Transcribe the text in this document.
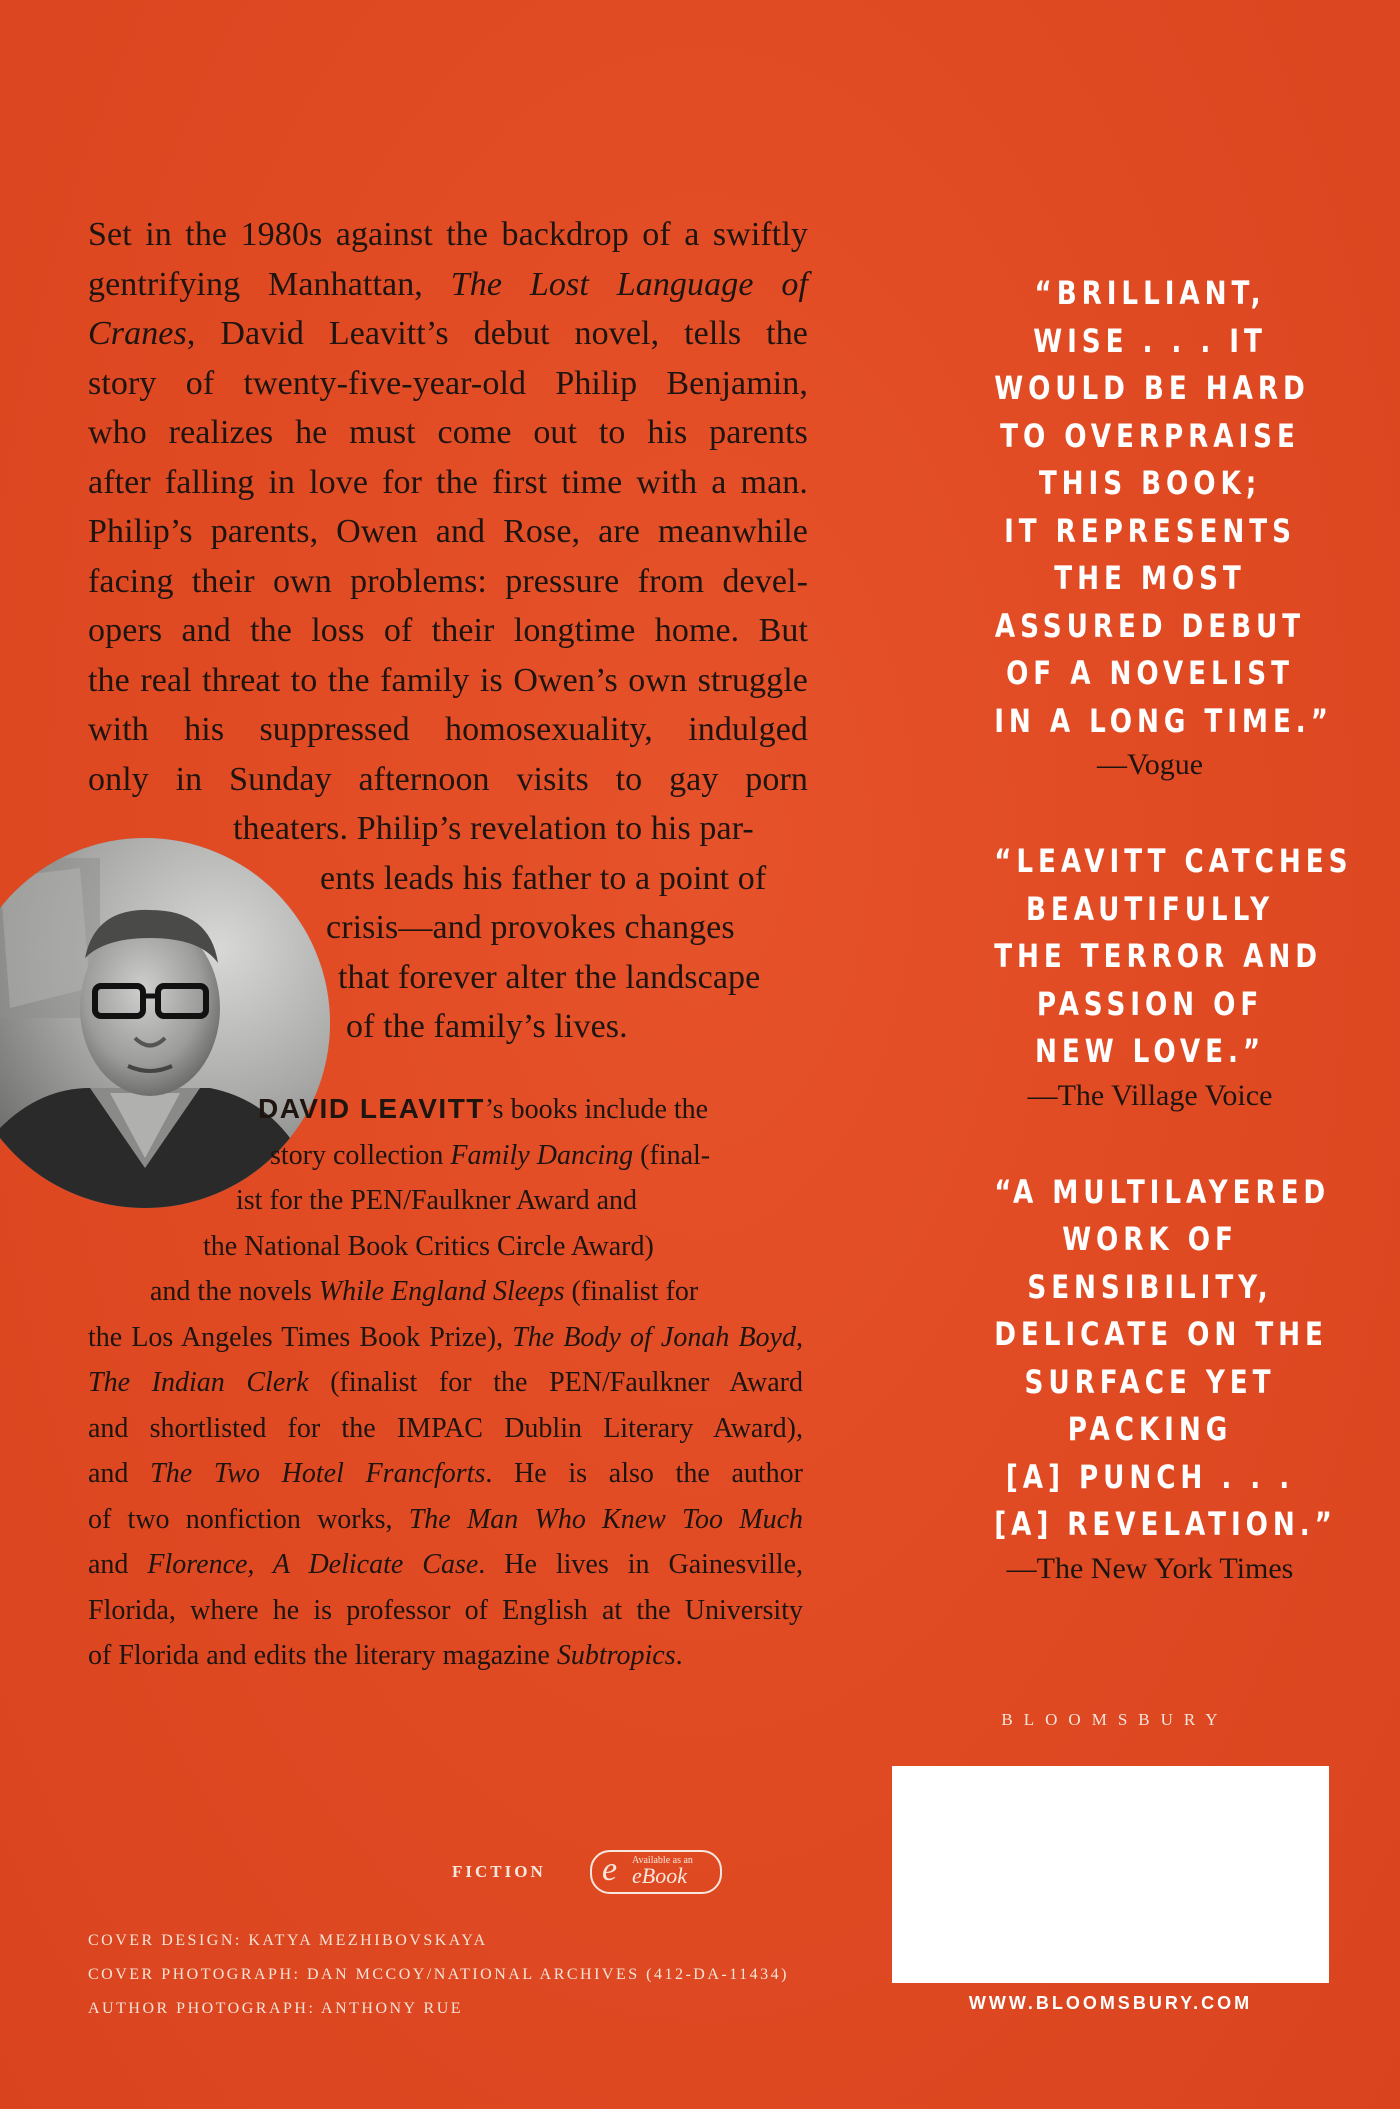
Set in the 1980s against the backdrop of a swiftly
gentrifying Manhattan, The Lost Language of
Cranes, David Leavitt’s debut novel, tells the
story of twenty-five-year-old Philip Benjamin,
who realizes he must come out to his parents
after falling in love for the first time with a man.
Philip’s parents, Owen and Rose, are meanwhile
facing their own problems: pressure from devel-
opers and the loss of their longtime home. But
the real threat to the family is Owen’s own struggle
with his suppressed homosexuality, indulged
only in Sunday afternoon visits to gay porn
theaters. Philip’s revelation to his par-
ents leads his father to a point of
crisis—and provokes changes
that forever alter the landscape
of the family’s lives.
DAVID LEAVITT’s books include the
story collection Family Dancing (final-
ist for the PEN/Faulkner Award and
the National Book Critics Circle Award)
and the novels While England Sleeps (finalist for
the Los Angeles Times Book Prize), The Body of Jonah Boyd,
The Indian Clerk (finalist for the PEN/Faulkner Award
and shortlisted for the IMPAC Dublin Literary Award),
and The Two Hotel Francforts. He is also the author
of two nonfiction works, The Man Who Knew Too Much
and Florence, A Delicate Case. He lives in Gainesville,
Florida, where he is professor of English at the University
of Florida and edits the literary magazine Subtropics.
“BRILLIANT,
WISE . . . IT
WOULD BE HARD
TO OVERPRAISE
THIS BOOK;
IT REPRESENTS
THE MOST
ASSURED DEBUT
OF A NOVELIST
IN A LONG TIME.”
—Vogue
“LEAVITT CATCHES
BEAUTIFULLY
THE TERROR AND
PASSION OF
NEW LOVE.”
—The Village Voice
“A MULTILAYERED
WORK OF
SENSIBILITY,
DELICATE ON THE
SURFACE YET
PACKING
[A] PUNCH . . .
[A] REVELATION.”
—The New York Times
BLOOMSBURY
WWW.BLOOMSBURY.COM
FICTION e Available as an
eBook
COVER DESIGN: KATYA MEZHIBOVSKAYA
COVER PHOTOGRAPH: DAN MCCOY/NATIONAL ARCHIVES (412-DA-11434)
AUTHOR PHOTOGRAPH: ANTHONY RUE
